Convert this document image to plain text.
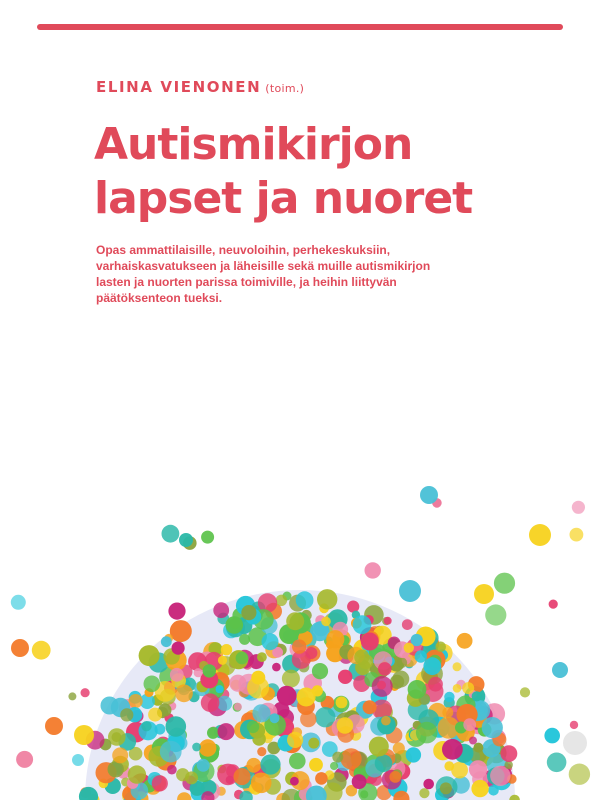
ELINA VIENONEN (toim.)
Autismikirjon
lapset ja nuoret

Opas ammattilaisille, neuvoloihin, perhekeskuksiin,
varhaiskasvatukseen ja läheisille sekä muille autismikirjon
lasten ja nuorten parissa toimiville, ja heihin liittyvän
päätöksenteon tueksi.
